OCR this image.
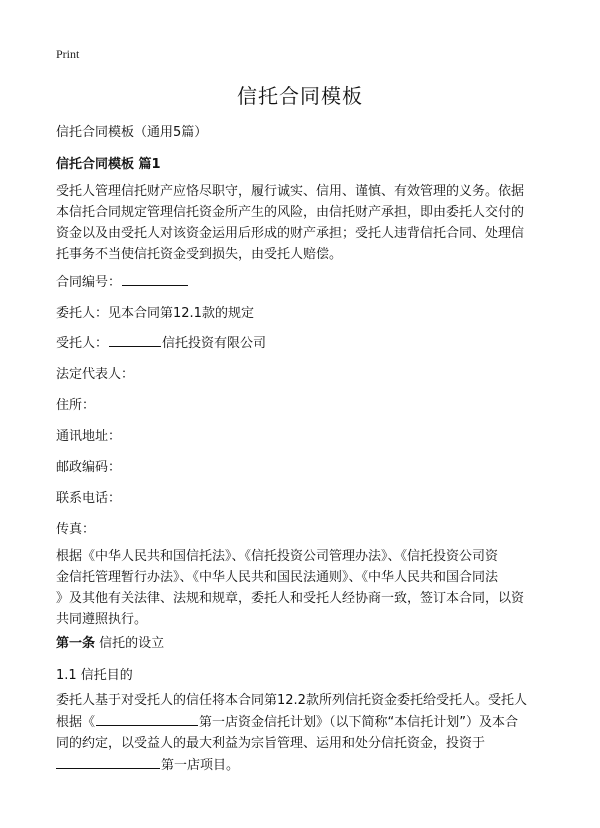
Print
信托合同模板
信托合同模板（通用5篇）
信托合同模板 篇1
受托人管理信托财产应恪尽职守，履行诚实、信用、谨慎、有效管理的义务。依据
本信托合同规定管理信托资金所产生的风险，由信托财产承担，即由委托人交付的
资金以及由受托人对该资金运用后形成的财产承担；受托人违背信托合同、处理信
托事务不当使信托资金受到损失，由受托人赔偿。
合同编号：
委托人：见本合同第12.1款的规定
受托人：	信托投资有限公司
法定代表人：
住所：
通讯地址：
邮政编码：
联系电话：
传真：
根据《中华人民共和国信托法》、《信托投资公司管理办法》、《信托投资公司资
金信托管理暂行办法》、《中华人民共和国民法通则》、《中华人民共和国合同法
》及其他有关法律、法规和规章，委托人和受托人经协商一致，签订本合同，以资
共同遵照执行。
第一条 信托的设立
1.1 信托目的
委托人基于对受托人的信任将本合同第12.2款所列信托资金委托给受托人。受托人
根据《	第一店资金信托计划》（以下简称“本信托计划”）及本合
同的约定，以受益人的最大利益为宗旨管理、运用和处分信托资金，投资于
第一店项目。
